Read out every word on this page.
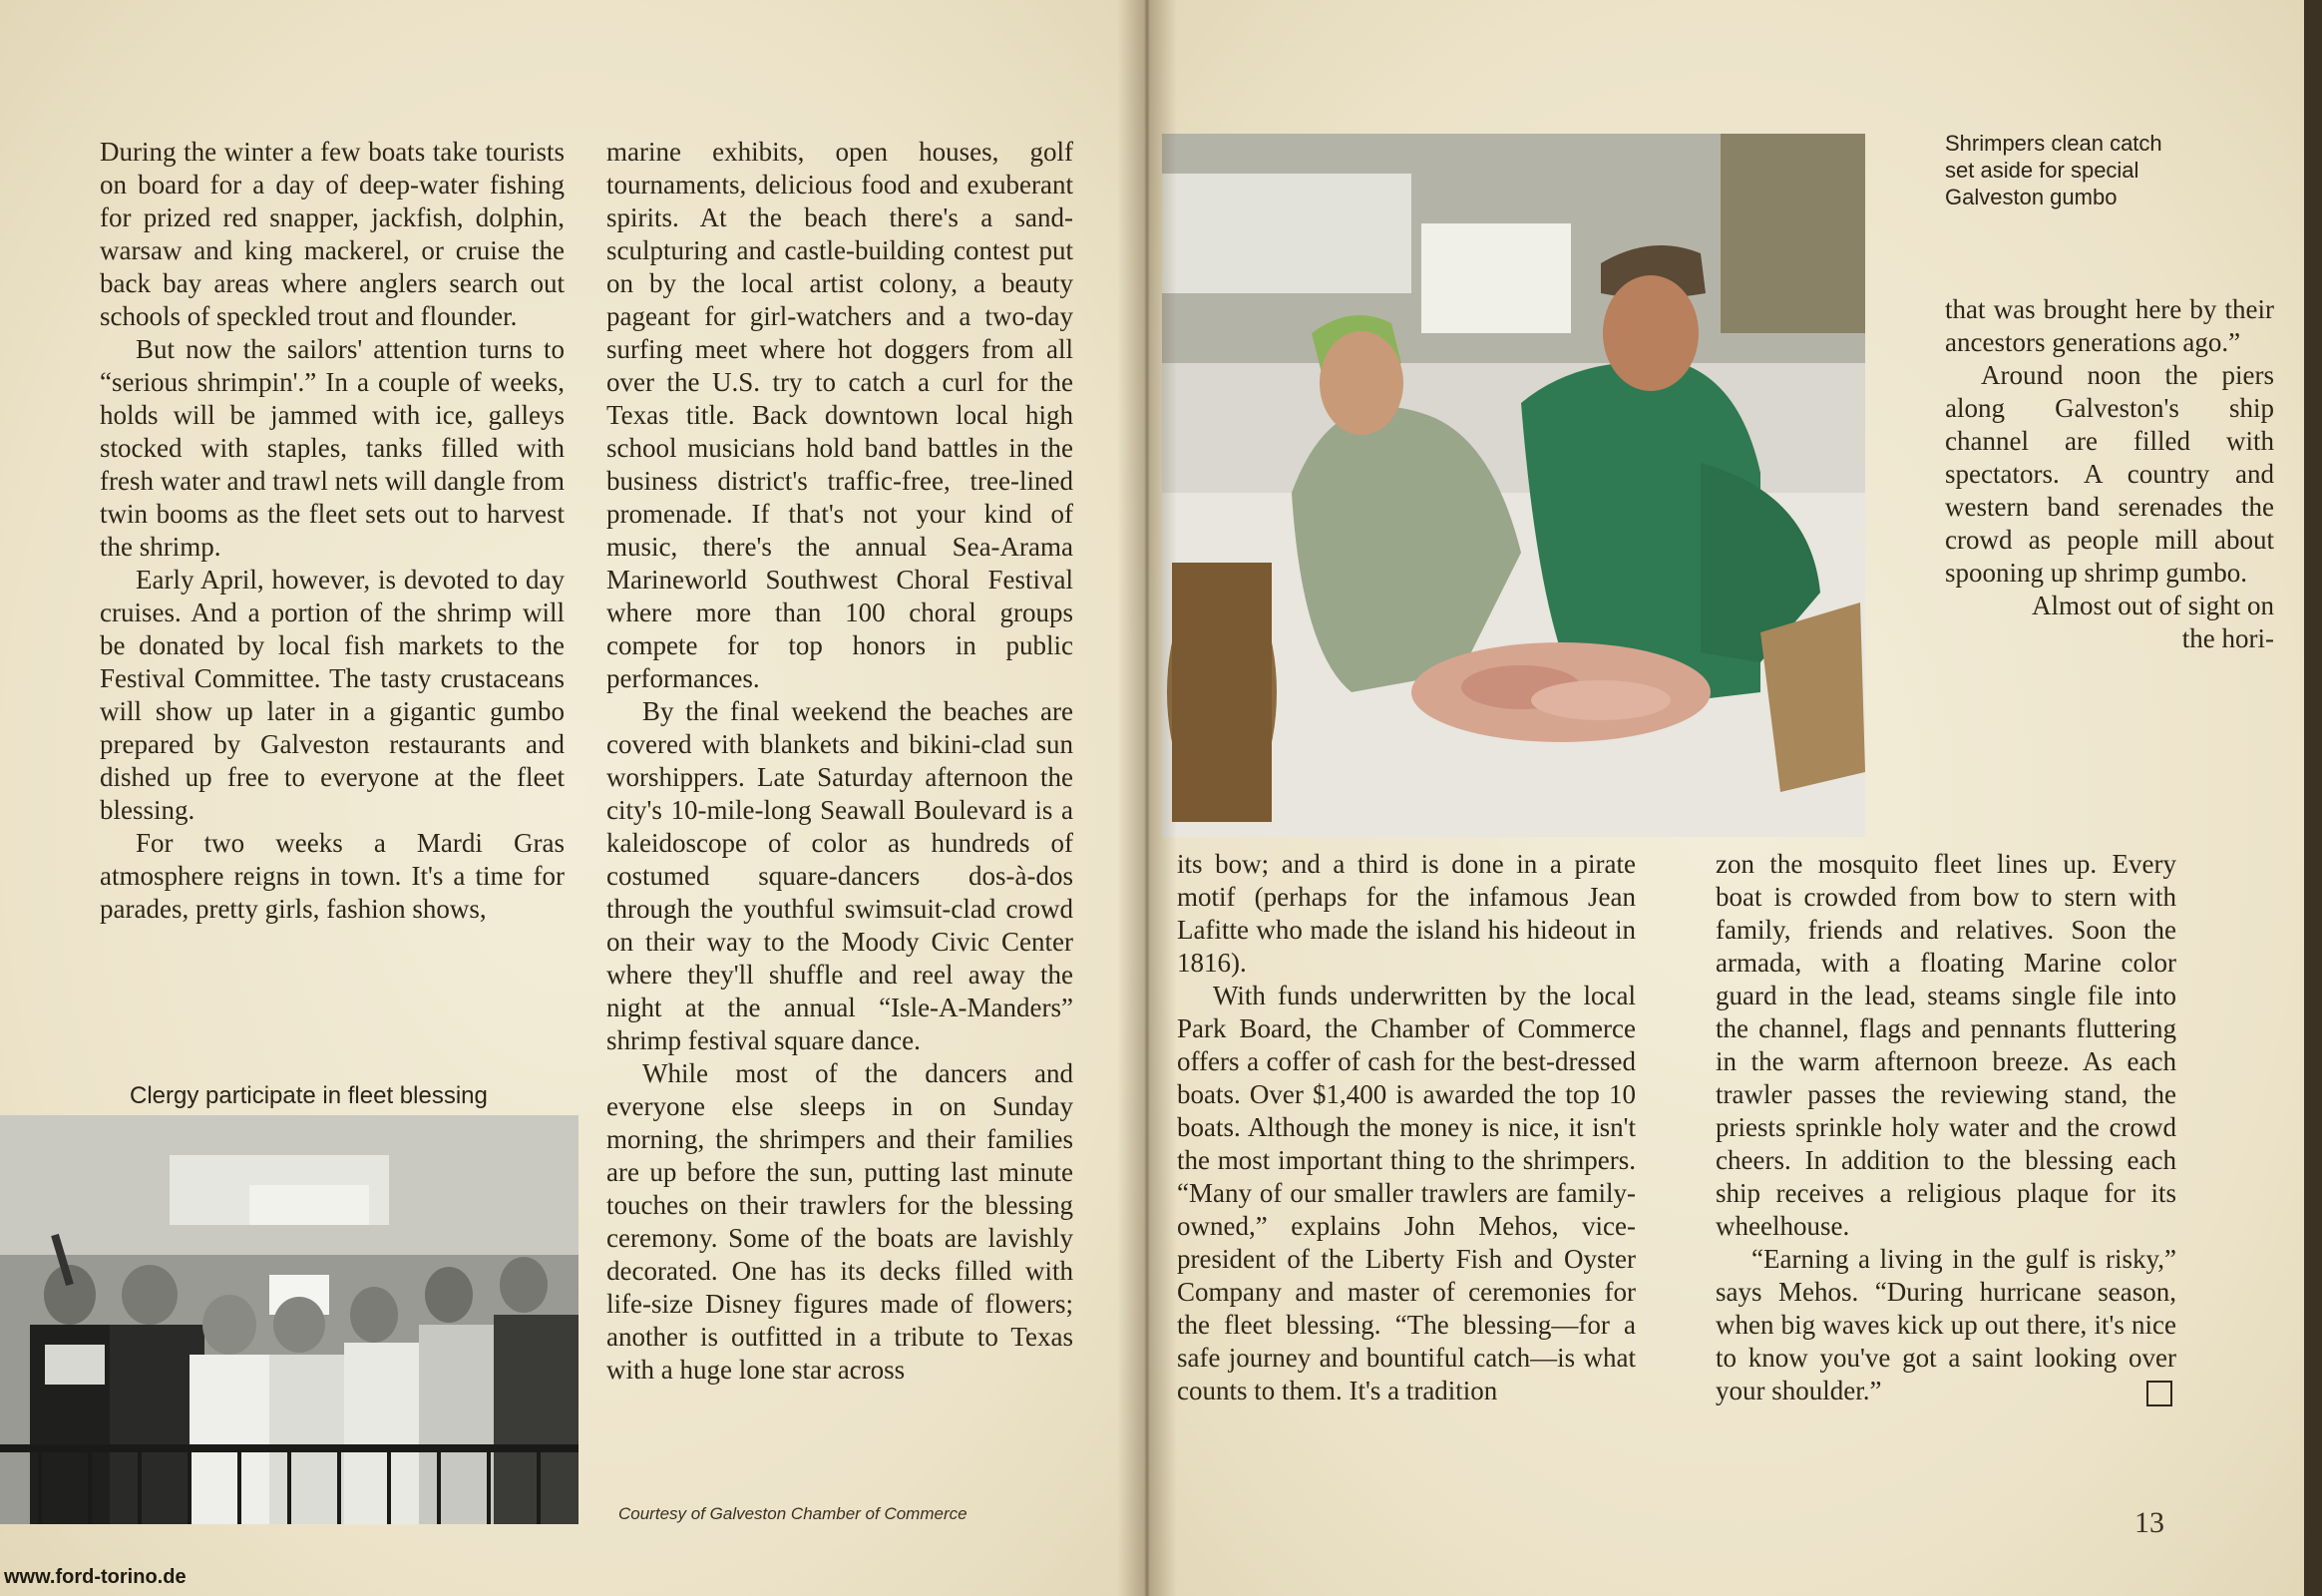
During the winter a few boats take tourists on board for a day of deep-water fishing for prized red snapper, jackfish, dolphin, warsaw and king mackerel, or cruise the back bay areas where anglers search out schools of speckled trout and flounder.

But now the sailors' attention turns to “serious shrimpin'.” In a couple of weeks, holds will be jammed with ice, galleys stocked with staples, tanks filled with fresh water and trawl nets will dangle from twin booms as the fleet sets out to harvest the shrimp.

Early April, however, is devoted to day cruises. And a portion of the shrimp will be donated by local fish markets to the Festival Committee. The tasty crustaceans will show up later in a gigantic gumbo prepared by Galveston restaurants and dished up free to everyone at the fleet blessing.

For two weeks a Mardi Gras atmosphere reigns in town. It's a time for parades, pretty girls, fashion shows,

marine exhibits, open houses, golf tournaments, delicious food and exuberant spirits. At the beach there's a sand-sculpturing and castle-building contest put on by the local artist colony, a beauty pageant for girl-watchers and a two-day surfing meet where hot doggers from all over the U.S. try to catch a curl for the Texas title. Back downtown local high school musicians hold band battles in the business district's traffic-free, tree-lined promenade. If that's not your kind of music, there's the annual Sea-Arama Marineworld Southwest Choral Festival where more than 100 choral groups compete for top honors in public performances.

By the final weekend the beaches are covered with blankets and bikini-clad sun worshippers. Late Saturday afternoon the city's 10-mile-long Seawall Boulevard is a kaleidoscope of color as hundreds of costumed square-dancers dos-à-dos through the youthful swimsuit-clad crowd on their way to the Moody Civic Center where they'll shuffle and reel away the night at the annual “Isle-A-Manders” shrimp festival square dance.

While most of the dancers and everyone else sleeps in on Sunday morning, the shrimpers and their families are up before the sun, putting last minute touches on their trawlers for the blessing ceremony. Some of the boats are lavishly decorated. One has its decks filled with life-size Disney figures made of flowers; another is outfitted in a tribute to Texas with a huge lone star across

Clergy participate in fleet blessing
Courtesy of Galveston Chamber of Commerce
www.ford-torino.de
Shrimpers clean catch set aside for special Galveston gumbo

that was brought here by their ancestors generations ago.”

Around noon the piers along Galveston's ship channel are filled with spectators. A country and western band serenades the crowd as people mill about spooning up shrimp gumbo.

Almost out of sight on the hori-

its bow; and a third is done in a pirate motif (perhaps for the infamous Jean Lafitte who made the island his hideout in 1816).

With funds underwritten by the local Park Board, the Chamber of Commerce offers a coffer of cash for the best-dressed boats. Over $1,400 is awarded the top 10 boats. Although the money is nice, it isn't the most important thing to the shrimpers. “Many of our smaller trawlers are family-owned,” explains John Mehos, vice-president of the Liberty Fish and Oyster Company and master of ceremonies for the fleet blessing. “The blessing—for a safe journey and bountiful catch—is what counts to them. It's a tradition

zon the mosquito fleet lines up. Every boat is crowded from bow to stern with family, friends and relatives. Soon the armada, with a floating Marine color guard in the lead, steams single file into the channel, flags and pennants fluttering in the warm afternoon breeze. As each trawler passes the reviewing stand, the priests sprinkle holy water and the crowd cheers. In addition to the blessing each ship receives a religious plaque for its wheelhouse.

“Earning a living in the gulf is risky,” says Mehos. “During hurricane season, when big waves kick up out there, it's nice to know you've got a saint looking over your shoulder.”

13
